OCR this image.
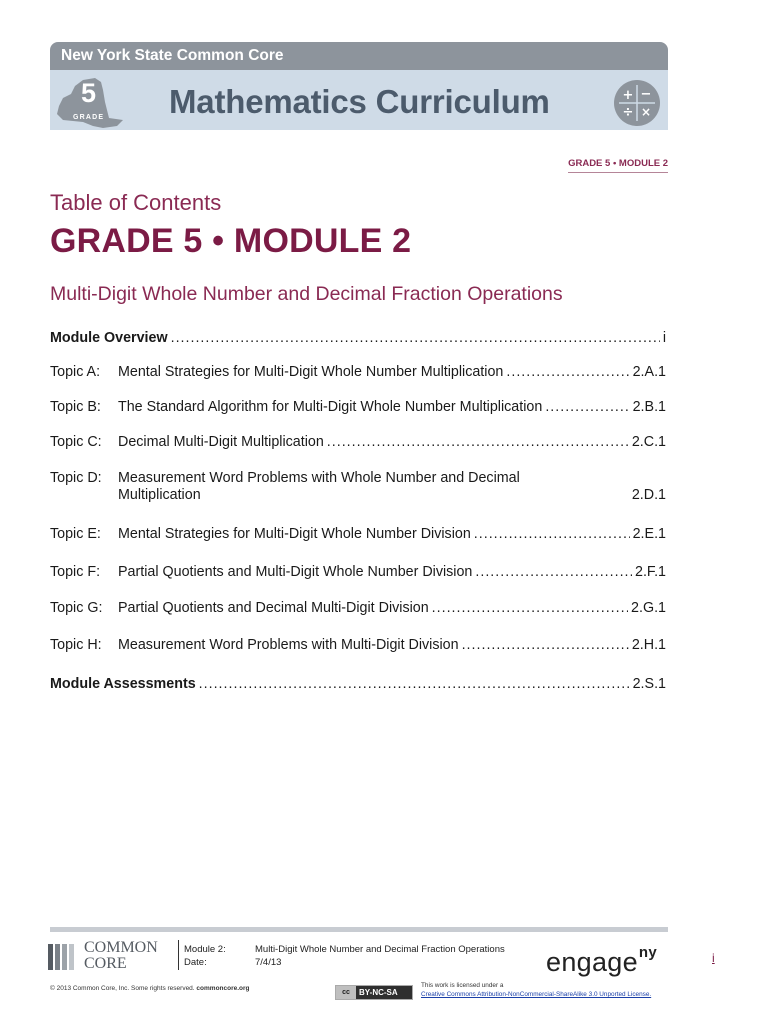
New York State Common Core
5
GRADE Mathematics Curriculum	+ −
÷ ×
GRADE 5 • MODULE 2
Table of Contents
GRADE 5 • MODULE 2
Multi-Digit Whole Number and Decimal Fraction Operations
Module Overview .....	i
Topic A: Mental Strategies for Multi-Digit Whole Number Multiplication .....	2.A.1
Topic B: The Standard Algorithm for Multi-Digit Whole Number Multiplication .....	2.B.1
Topic C: Decimal Multi-Digit Multiplication .....	2.C.1
Topic D: Measurement Word Problems with Whole Number and Decimal
Multiplication	2.D.1
Topic E: Mental Strategies for Multi-Digit Whole Number Division .....	2.E.1
Topic F: Partial Quotients and Multi-Digit Whole Number Division .....	2.F.1
Topic G: Partial Quotients and Decimal Multi-Digit Division .....	2.G.1
Topic H: Measurement Word Problems with Multi-Digit Division .....	2.H.1
Module Assessments .....	2.S.1
COMMON
CORE
Module 2:
Date:
Multi-Digit Whole Number and Decimal Fraction Operations
7/4/13	engage$^{ny}$	i
© 2013 Common Core, Inc. Some rights reserved. commoncore.org
cc	BY-NC-SA
This work is licensed under a
Creative Commons Attribution-NonCommercial-ShareAlike 3.0 Unported License.
